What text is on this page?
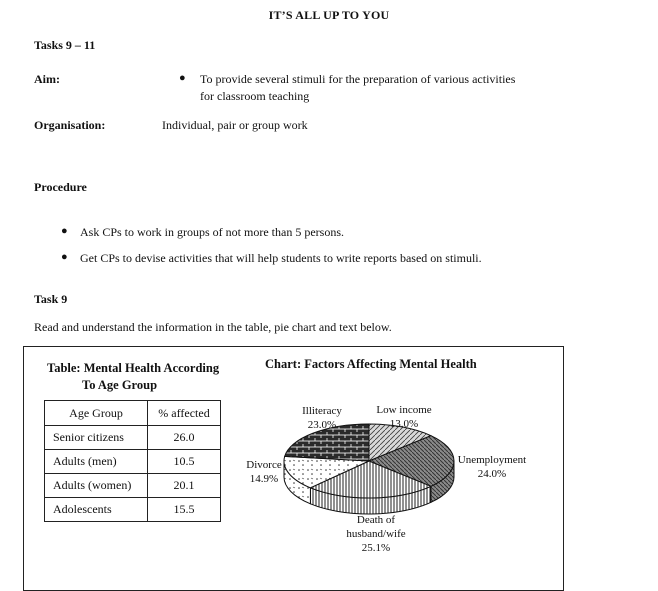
IT’S ALL UP TO YOU
Tasks 9 – 11
Aim:	● To provide several stimuli for the preparation of various activities
for classroom teaching
Organisation:	Individual, pair or group work
Procedure
● Ask CPs to work in groups of not more than 5 persons.
● Get CPs to devise activities that will help students to write reports based on stimuli.
Task 9
Read and understand the information in the table, pie chart and text below.
Table: Mental Health According
To Age Group
Age Group	% affected
Senior citizens	26.0
Adults (men)	10.5
Adults (women)	20.1
Adolescents	15.5
Chart: Factors Affecting Mental Health
Illiteracy
23.0%
Low income
13.0%
Unemployment
24.0%
Divorce
14.9%
Death of
husband/wife
25.1%
